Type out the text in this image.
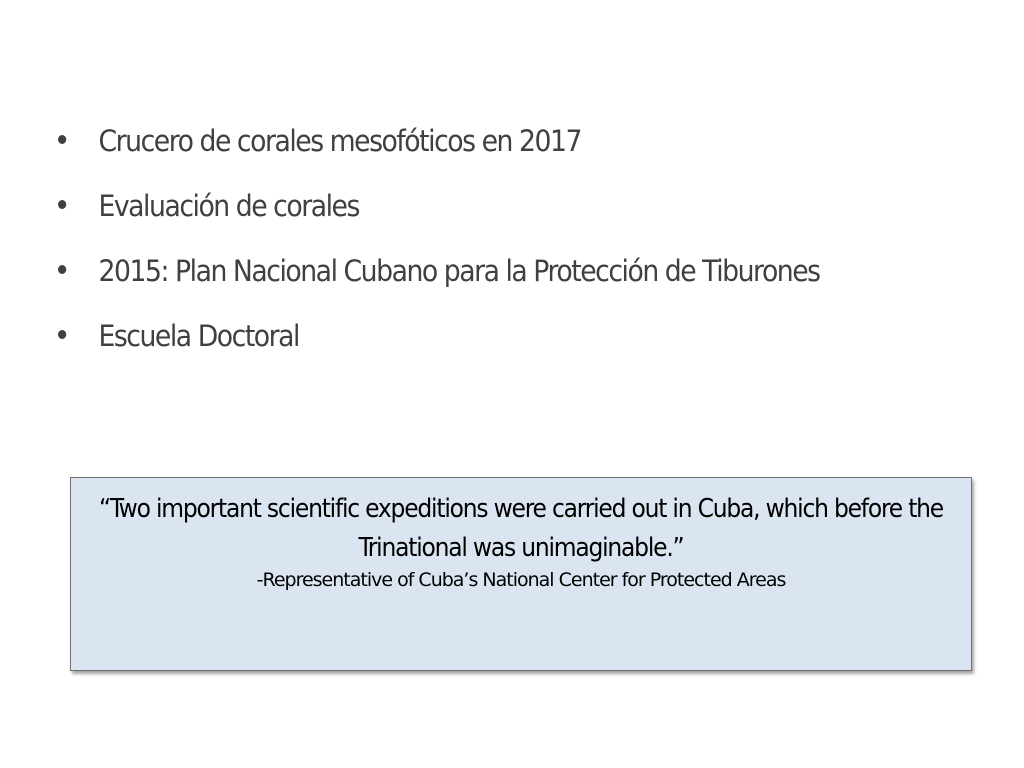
Crucero de corales mesofóticos en 2017
Evaluación de corales
2015: Plan Nacional Cubano para la Protección de Tiburones
Escuela Doctoral
“Two important scientific expeditions were carried out in Cuba, which before the Trinational was unimaginable.”
-Representative of Cuba’s National Center for Protected Areas
